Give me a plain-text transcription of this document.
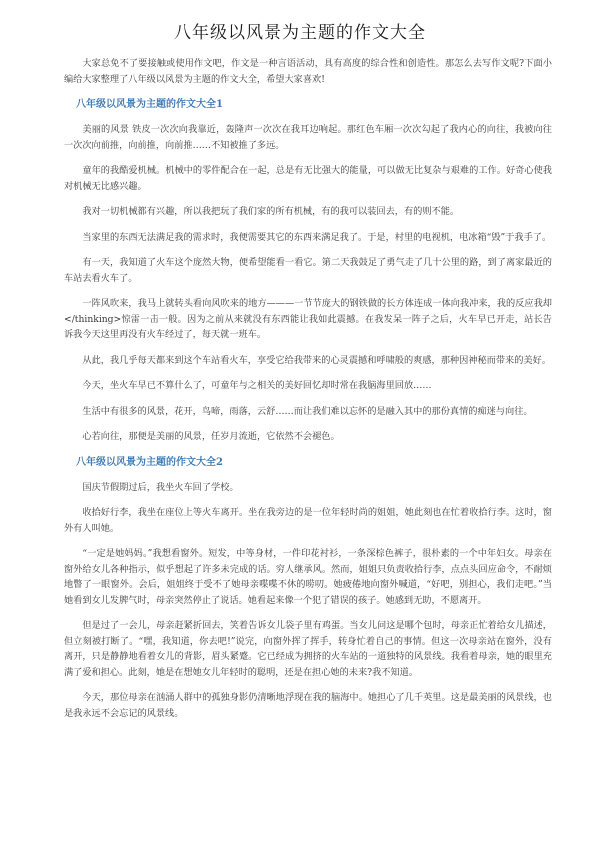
八年级以风景为主题的作文大全

大家总免不了要接触或使用作文吧，作文是一种言语活动，具有高度的综合性和创造性。那怎么去写作文呢?下面小编给大家整理了八年级以风景为主题的作文大全，希望大家喜欢!

八年级以风景为主题的作文大全1

美丽的风景 铁皮一次次向我靠近，轰隆声一次次在我耳边响起。那红色车厢一次次勾起了我内心的向往，我被向往一次次向前推，向前推，向前推……不知被推了多远。

童年的我酷爱机械。机械中的零件配合在一起，总是有无比强大的能量，可以做无比复杂与艰难的工作。好奇心使我对机械无比感兴趣。

我对一切机械都有兴趣，所以我把玩了我们家的所有机械，有的我可以装回去，有的则不能。

当家里的东西无法满足我的需求时，我便需要其它的东西来满足我了。于是，村里的电视机，电冰箱“毁”于我手了。

有一天，我知道了火车这个庞然大物，便希望能看一看它。第二天我鼓足了勇气走了几十公里的路，到了离家最近的车站去看火车了。

一阵风吹来，我马上就转头看向风吹来的地方———一节节庞大的钢铁做的长方体连成一体向我冲来，我的反应我却</thinking>惊雷一击一般。因为之前从来就没有东西能让我如此震撼。在我发呆一阵子之后，火车早已开走，站长告诉我今天这里再没有火车经过了，每天就一班车。

从此，我几乎每天都来到这个车站看火车，享受它给我带来的心灵震撼和呼啸般的爽感，那种因神秘而带来的美好。

今天，坐火车早已不算什么了，可童年与之相关的美好回忆却时常在我脑海里回放……

生活中有很多的风景，花开，鸟啼，雨落，云舒……而让我们难以忘怀的是融入其中的那份真情的痴迷与向往。

心若向往，那便是美丽的风景，任岁月流逝，它依然不会褪色。

八年级以风景为主题的作文大全2

国庆节假期过后，我坐火车回了学校。

收拾好行李，我坐在座位上等火车离开。坐在我旁边的是一位年轻时尚的姐姐，她此刻也在忙着收拾行李。这时，窗外有人叫她。

“一定是她妈妈。”我想看窗外。短发，中等身材，一件印花衬衫，一条深棕色裤子，很朴素的一个中年妇女。母亲在窗外给女儿各种指示，似乎想起了许多未完成的话。穷人继承风。然而，姐姐只负责收拾行李，点点头回应命令，不耐烦地瞥了一眼窗外。会后，姐姐终于受不了她母亲喋喋不休的唠叨。她疲倦地向窗外喊道，“好吧，别担心，我们走吧。”当她看到女儿发脾气时，母亲突然停止了说话。她看起来像一个犯了错误的孩子。她感到无助，不愿离开。

但是过了一会儿，母亲赶紧折回去，笑着告诉女儿袋子里有鸡蛋。当女儿问这是哪个包时，母亲正忙着给女儿描述，但立刻被打断了。“嘿，我知道，你去吧!”说完，向窗外挥了挥手，转身忙着自己的事情。但这一次母亲站在窗外，没有离开，只是静静地看着女儿的背影，眉头紧蹙。它已经成为拥挤的火车站的一道独特的风景线。我看着母亲，她的眼里充满了爱和担心。此刻，她是在想她女儿年轻时的聪明，还是在担心她的未来?我不知道。

今天，那位母亲在汹涌人群中的孤独身影仍清晰地浮现在我的脑海中。她担心了几千英里。这是最美丽的风景线，也是我永远不会忘记的风景线。
